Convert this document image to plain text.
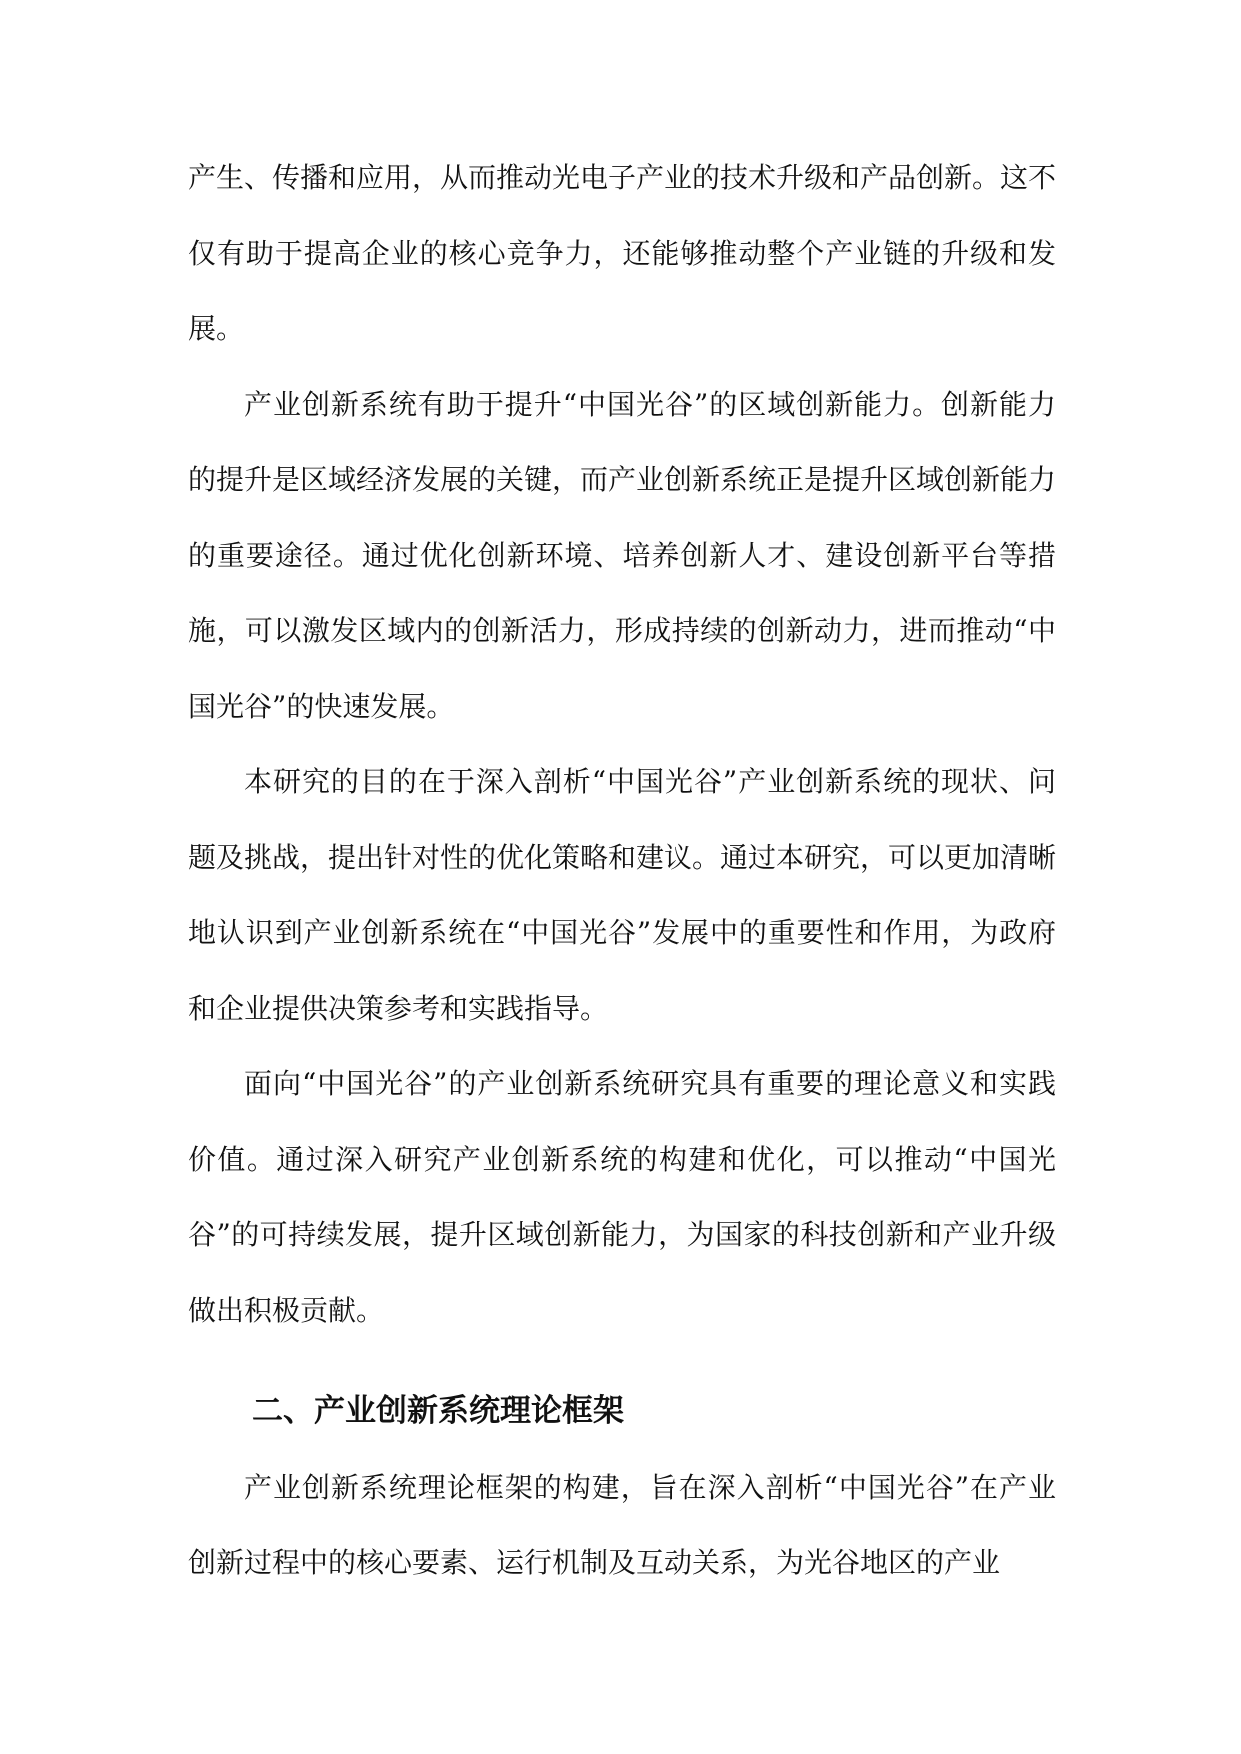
产生、传播和应用，从而推动光电子产业的技术升级和产品创新。这不仅有助于提高企业的核心竞争力，还能够推动整个产业链的升级和发展。

产业创新系统有助于提升“中国光谷”的区域创新能力。创新能力的提升是区域经济发展的关键，而产业创新系统正是提升区域创新能力的重要途径。通过优化创新环境、培养创新人才、建设创新平台等措施，可以激发区域内的创新活力，形成持续的创新动力，进而推动“中国光谷”的快速发展。

本研究的目的在于深入剖析“中国光谷”产业创新系统的现状、问题及挑战，提出针对性的优化策略和建议。通过本研究，可以更加清晰地认识到产业创新系统在“中国光谷”发展中的重要性和作用，为政府和企业提供决策参考和实践指导。

面向“中国光谷”的产业创新系统研究具有重要的理论意义和实践价值。通过深入研究产业创新系统的构建和优化，可以推动“中国光谷”的可持续发展，提升区域创新能力，为国家的科技创新和产业升级做出积极贡献。

二、产业创新系统理论框架

产业创新系统理论框架的构建，旨在深入剖析“中国光谷”在产业创新过程中的核心要素、运行机制及互动关系，为光谷地区的产业
